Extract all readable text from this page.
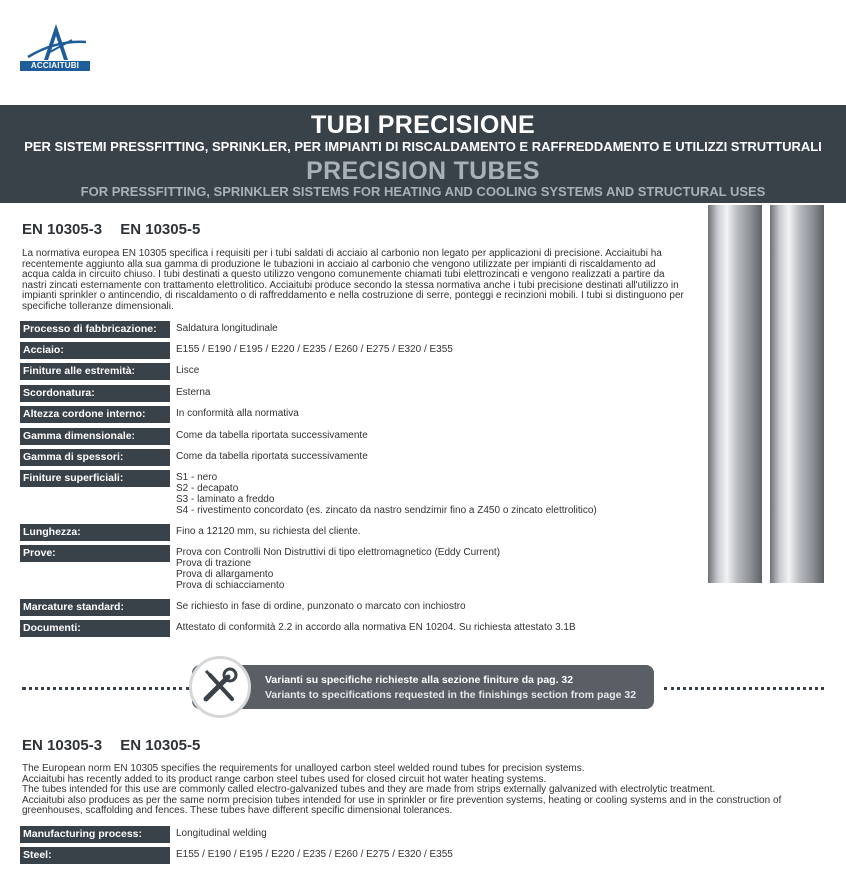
ACCIAITUBI
TUBI PRECISIONE
PER SISTEMI PRESSFITTING, SPRINKLER, PER IMPIANTI DI RISCALDAMENTO E RAFFREDDAMENTO E UTILIZZI STRUTTURALI
PRECISION TUBES
FOR PRESSFITTING, SPRINKLER SISTEMS FOR HEATING AND COOLING SYSTEMS AND STRUCTURAL USES
EN 10305-3 EN 10305-5

La normativa europea EN 10305 specifica i requisiti per i tubi saldati di acciaio al carbonio non legato per applicazioni di precisione. Acciaitubi ha recentemente aggiunto alla sua gamma di produzione le tubazioni in acciaio al carbonio che vengono utilizzate per impianti di riscaldamento ad acqua calda in circuito chiuso. I tubi destinati a questo utilizzo vengono comunemente chiamati tubi elettrozincati e vengono realizzati a partire da nastri zincati esternamente con trattamento elettrolitico. Acciaitubi produce secondo la stessa normativa anche i tubi precisione destinati all'utilizzo in impianti sprinkler o antincendio, di riscaldamento o di raffreddamento e nella costruzione di serre, ponteggi e recinzioni mobili. I tubi si distinguono per specifiche tolleranze dimensionali.

Processo di fabbricazione:	Saldatura longitudinale
Acciaio:	E155 / E190 / E195 / E220 / E235 / E260 / E275 / E320 / E355
Finiture alle estremità:	Lisce
Scordonatura:	Esterna
Altezza cordone interno:	In conformità alla normativa
Gamma dimensionale:	Come da tabella riportata successivamente
Gamma di spessori:	Come da tabella riportata successivamente
Finiture superficiali:	S1 - nero
S2 - decapato
S3 - laminato a freddo
S4 - rivestimento concordato (es. zincato da nastro sendzimir fino a Z450 o zincato elettrolitico)
Lunghezza:	Fino a 12120 mm, su richiesta del cliente.
Prove:	Prova con Controlli Non Distruttivi di tipo elettromagnetico (Eddy Current)
Prova di trazione
Prova di allargamento
Prova di schiacciamento
Marcature standard:	Se richiesto in fase di ordine, punzonato o marcato con inchiostro
Documenti:	Attestato di conformità 2.2 in accordo alla normativa EN 10204. Su richiesta attestato 3.1B
Varianti su specifiche richieste alla sezione finiture da pag. 32
Variants to specifications requested in the finishings section from page 32
EN 10305-3 EN 10305-5

The European norm EN 10305 specifies the requirements for unalloyed carbon steel welded round tubes for precision systems.

Acciaitubi has recently added to its product range carbon steel tubes used for closed circuit hot water heating systems.

The tubes intended for this use are commonly called electro-galvanized tubes and they are made from strips externally galvanized with electrolytic treatment.

Acciaitubi also produces as per the same norm precision tubes intended for use in sprinkler or fire prevention systems, heating or cooling systems and in the construction of greenhouses, scaffolding and fences. These tubes have different specific dimensional tolerances.

Manufacturing process:	Longitudinal welding
Steel:	E155 / E190 / E195 / E220 / E235 / E260 / E275 / E320 / E355
